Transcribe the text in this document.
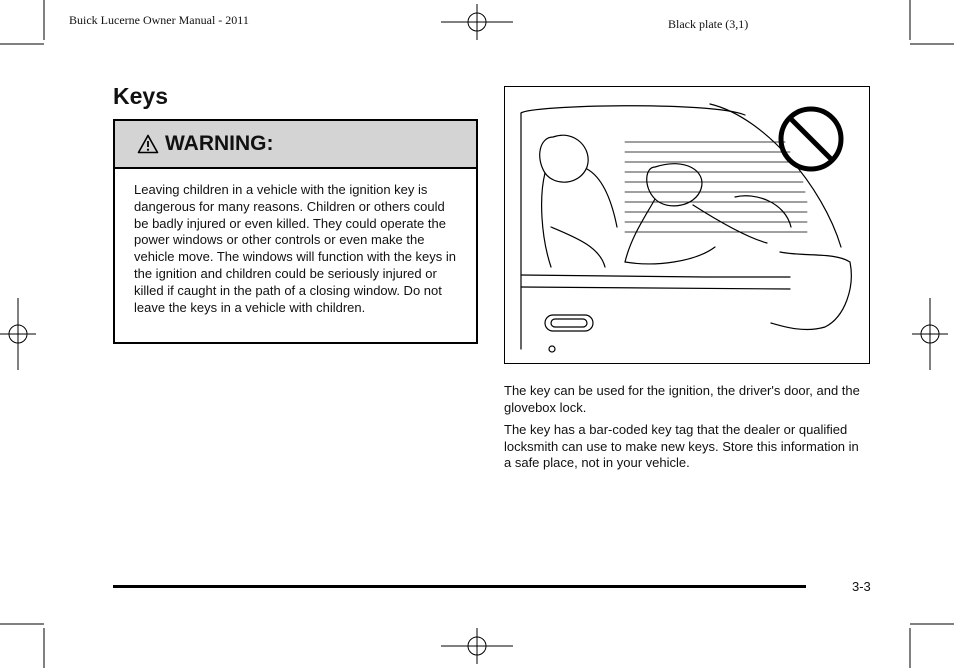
Buick Lucerne Owner Manual - 2011	Black plate (3,1)
Keys
WARNING:
Leaving children in a vehicle with the ignition key is dangerous for many reasons. Children or others could be badly injured or even killed. They could operate the power windows or other controls or even make the vehicle move. The windows will function with the keys in the ignition and children could be seriously injured or killed if caught in the path of a closing window. Do not leave the keys in a vehicle with children.
The key can be used for the ignition, the driver's door, and the glovebox lock.
The key has a bar-coded key tag that the dealer or qualified locksmith can use to make new keys. Store this information in a safe place, not in your vehicle.
3-3
